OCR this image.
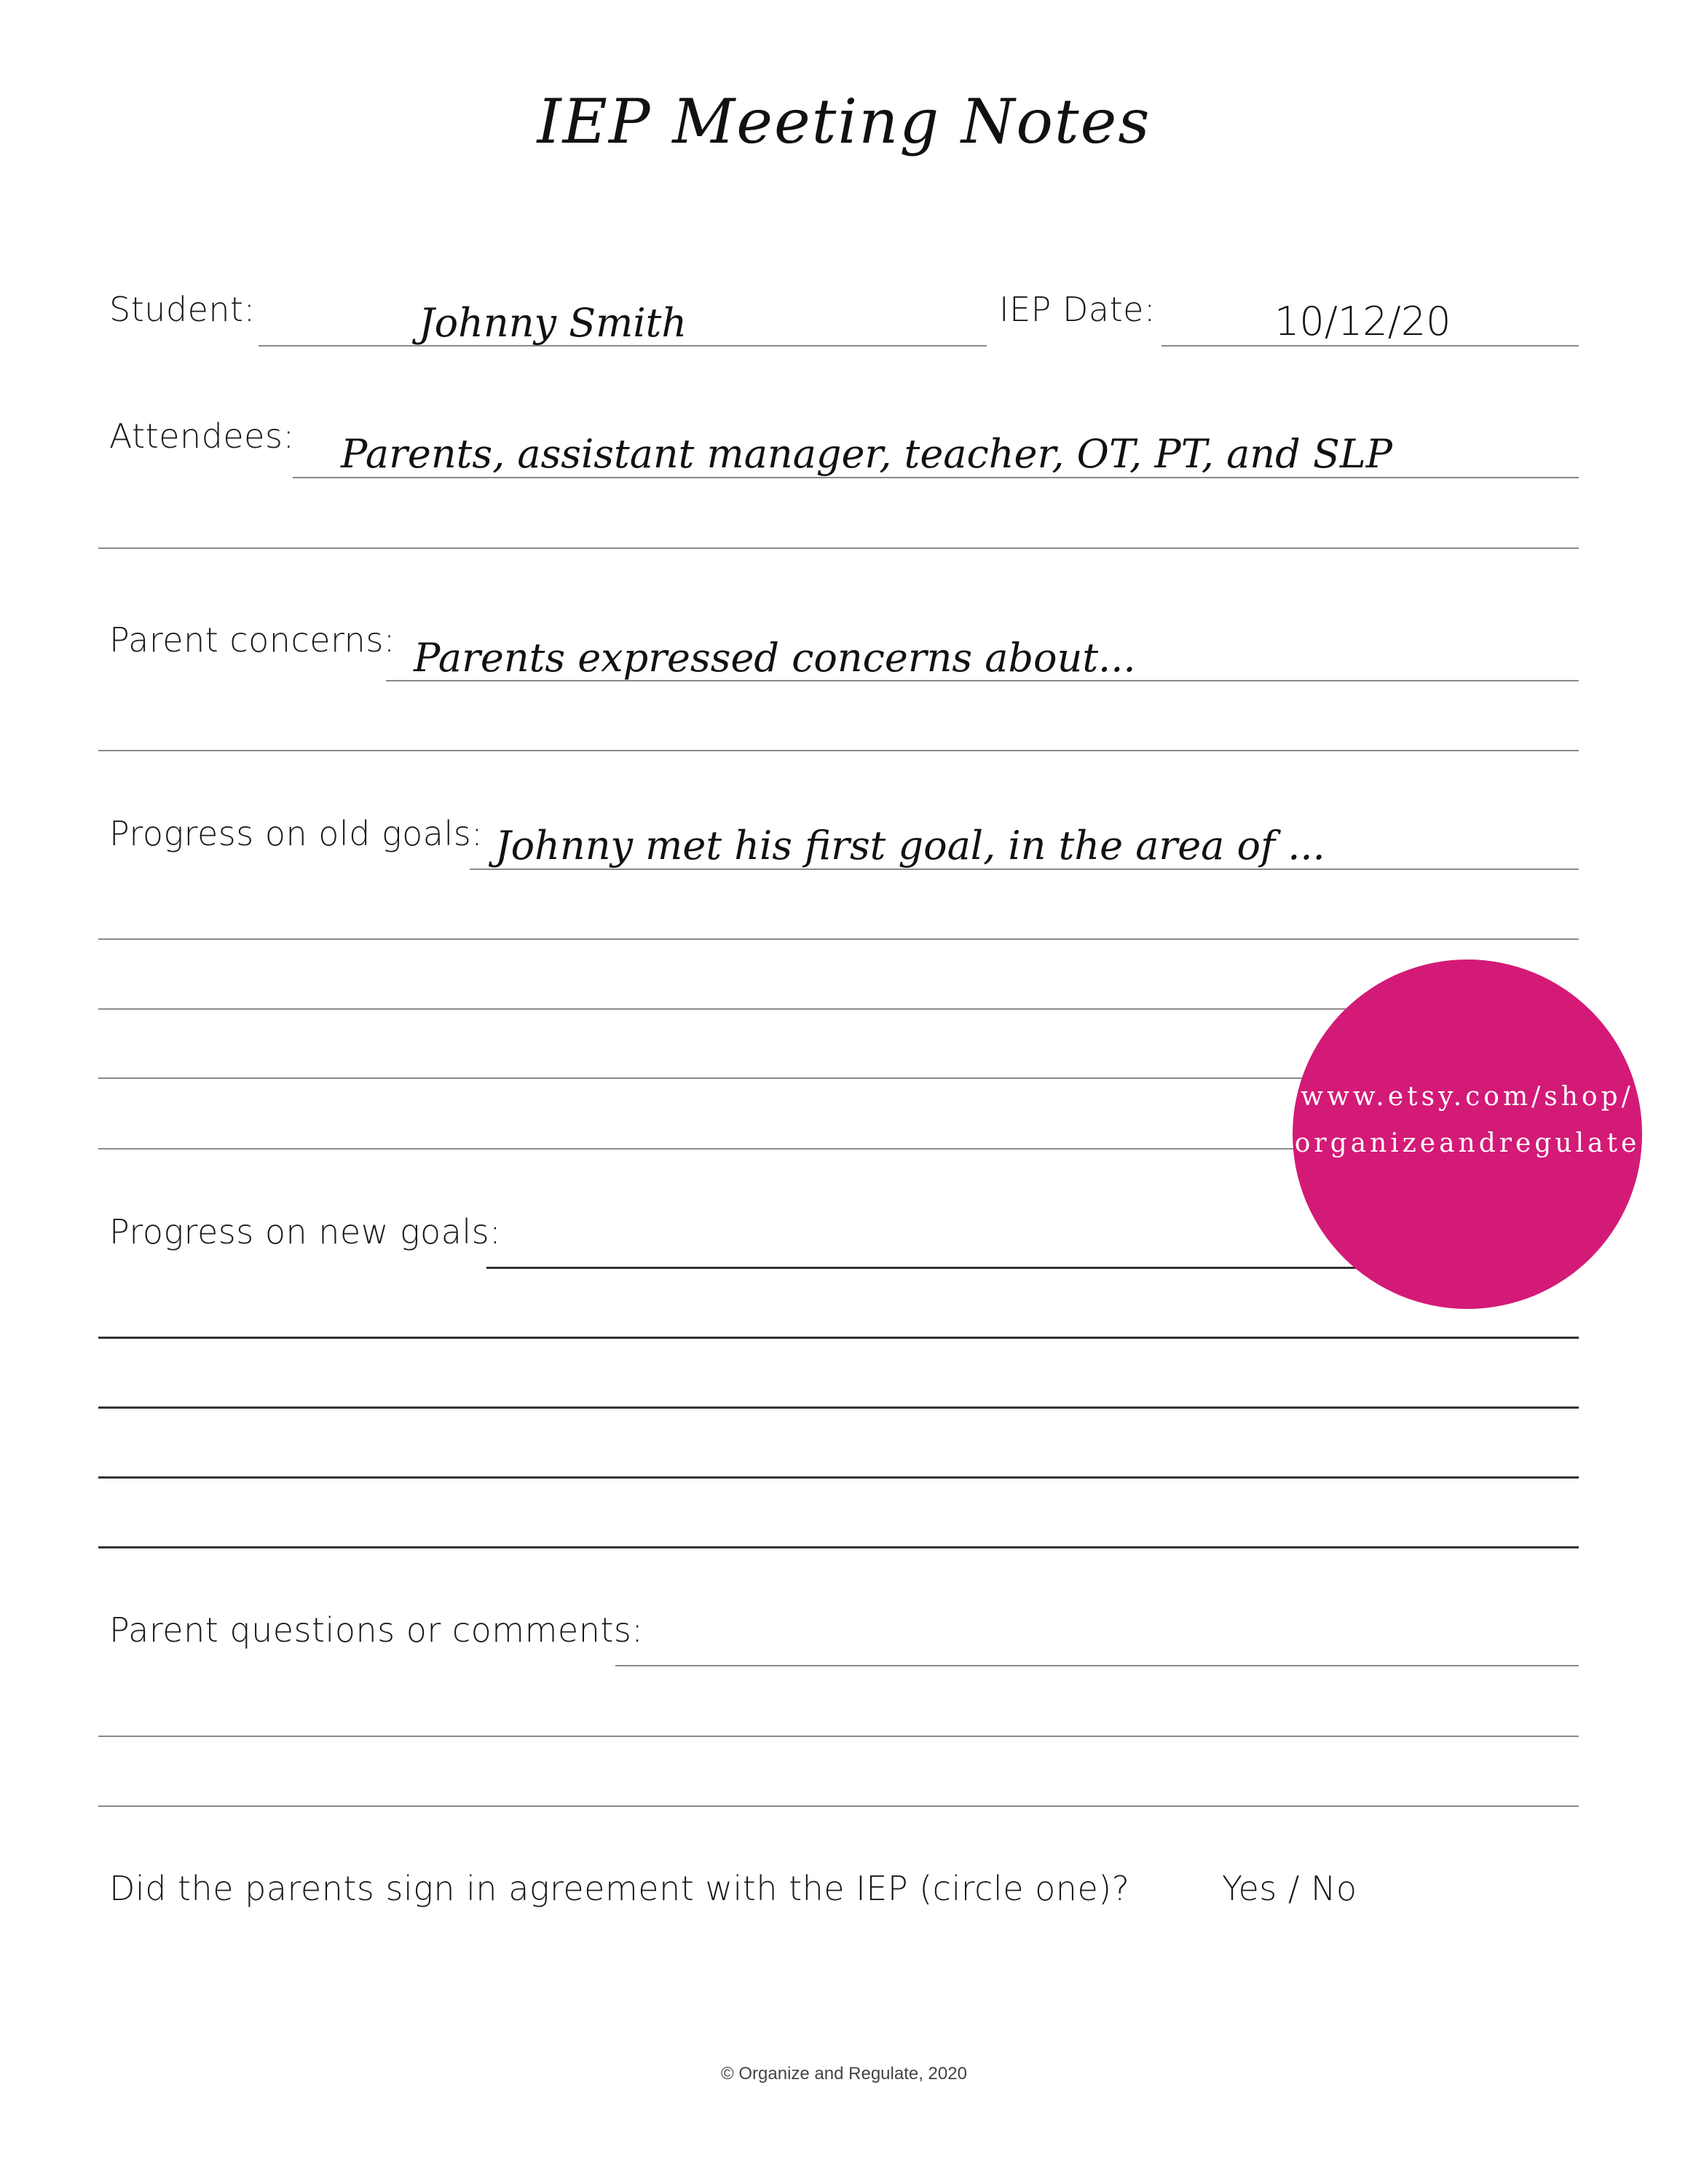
IEP Meeting Notes
Student:	Johnny Smith	IEP Date:	10/12/20
Attendees: Parents, assistant manager, teacher, OT, PT, and SLP
Parent concerns: Parents expressed concerns about...
Progress on old goals: Johnny met his first goal, in the area of ...
Progress on new goals:
Parent questions or comments:
Did the parents sign in agreement with the IEP (circle one)?	Yes / No
www.etsy.com/shop/
organizeandregulate
© Organize and Regulate, 2020
